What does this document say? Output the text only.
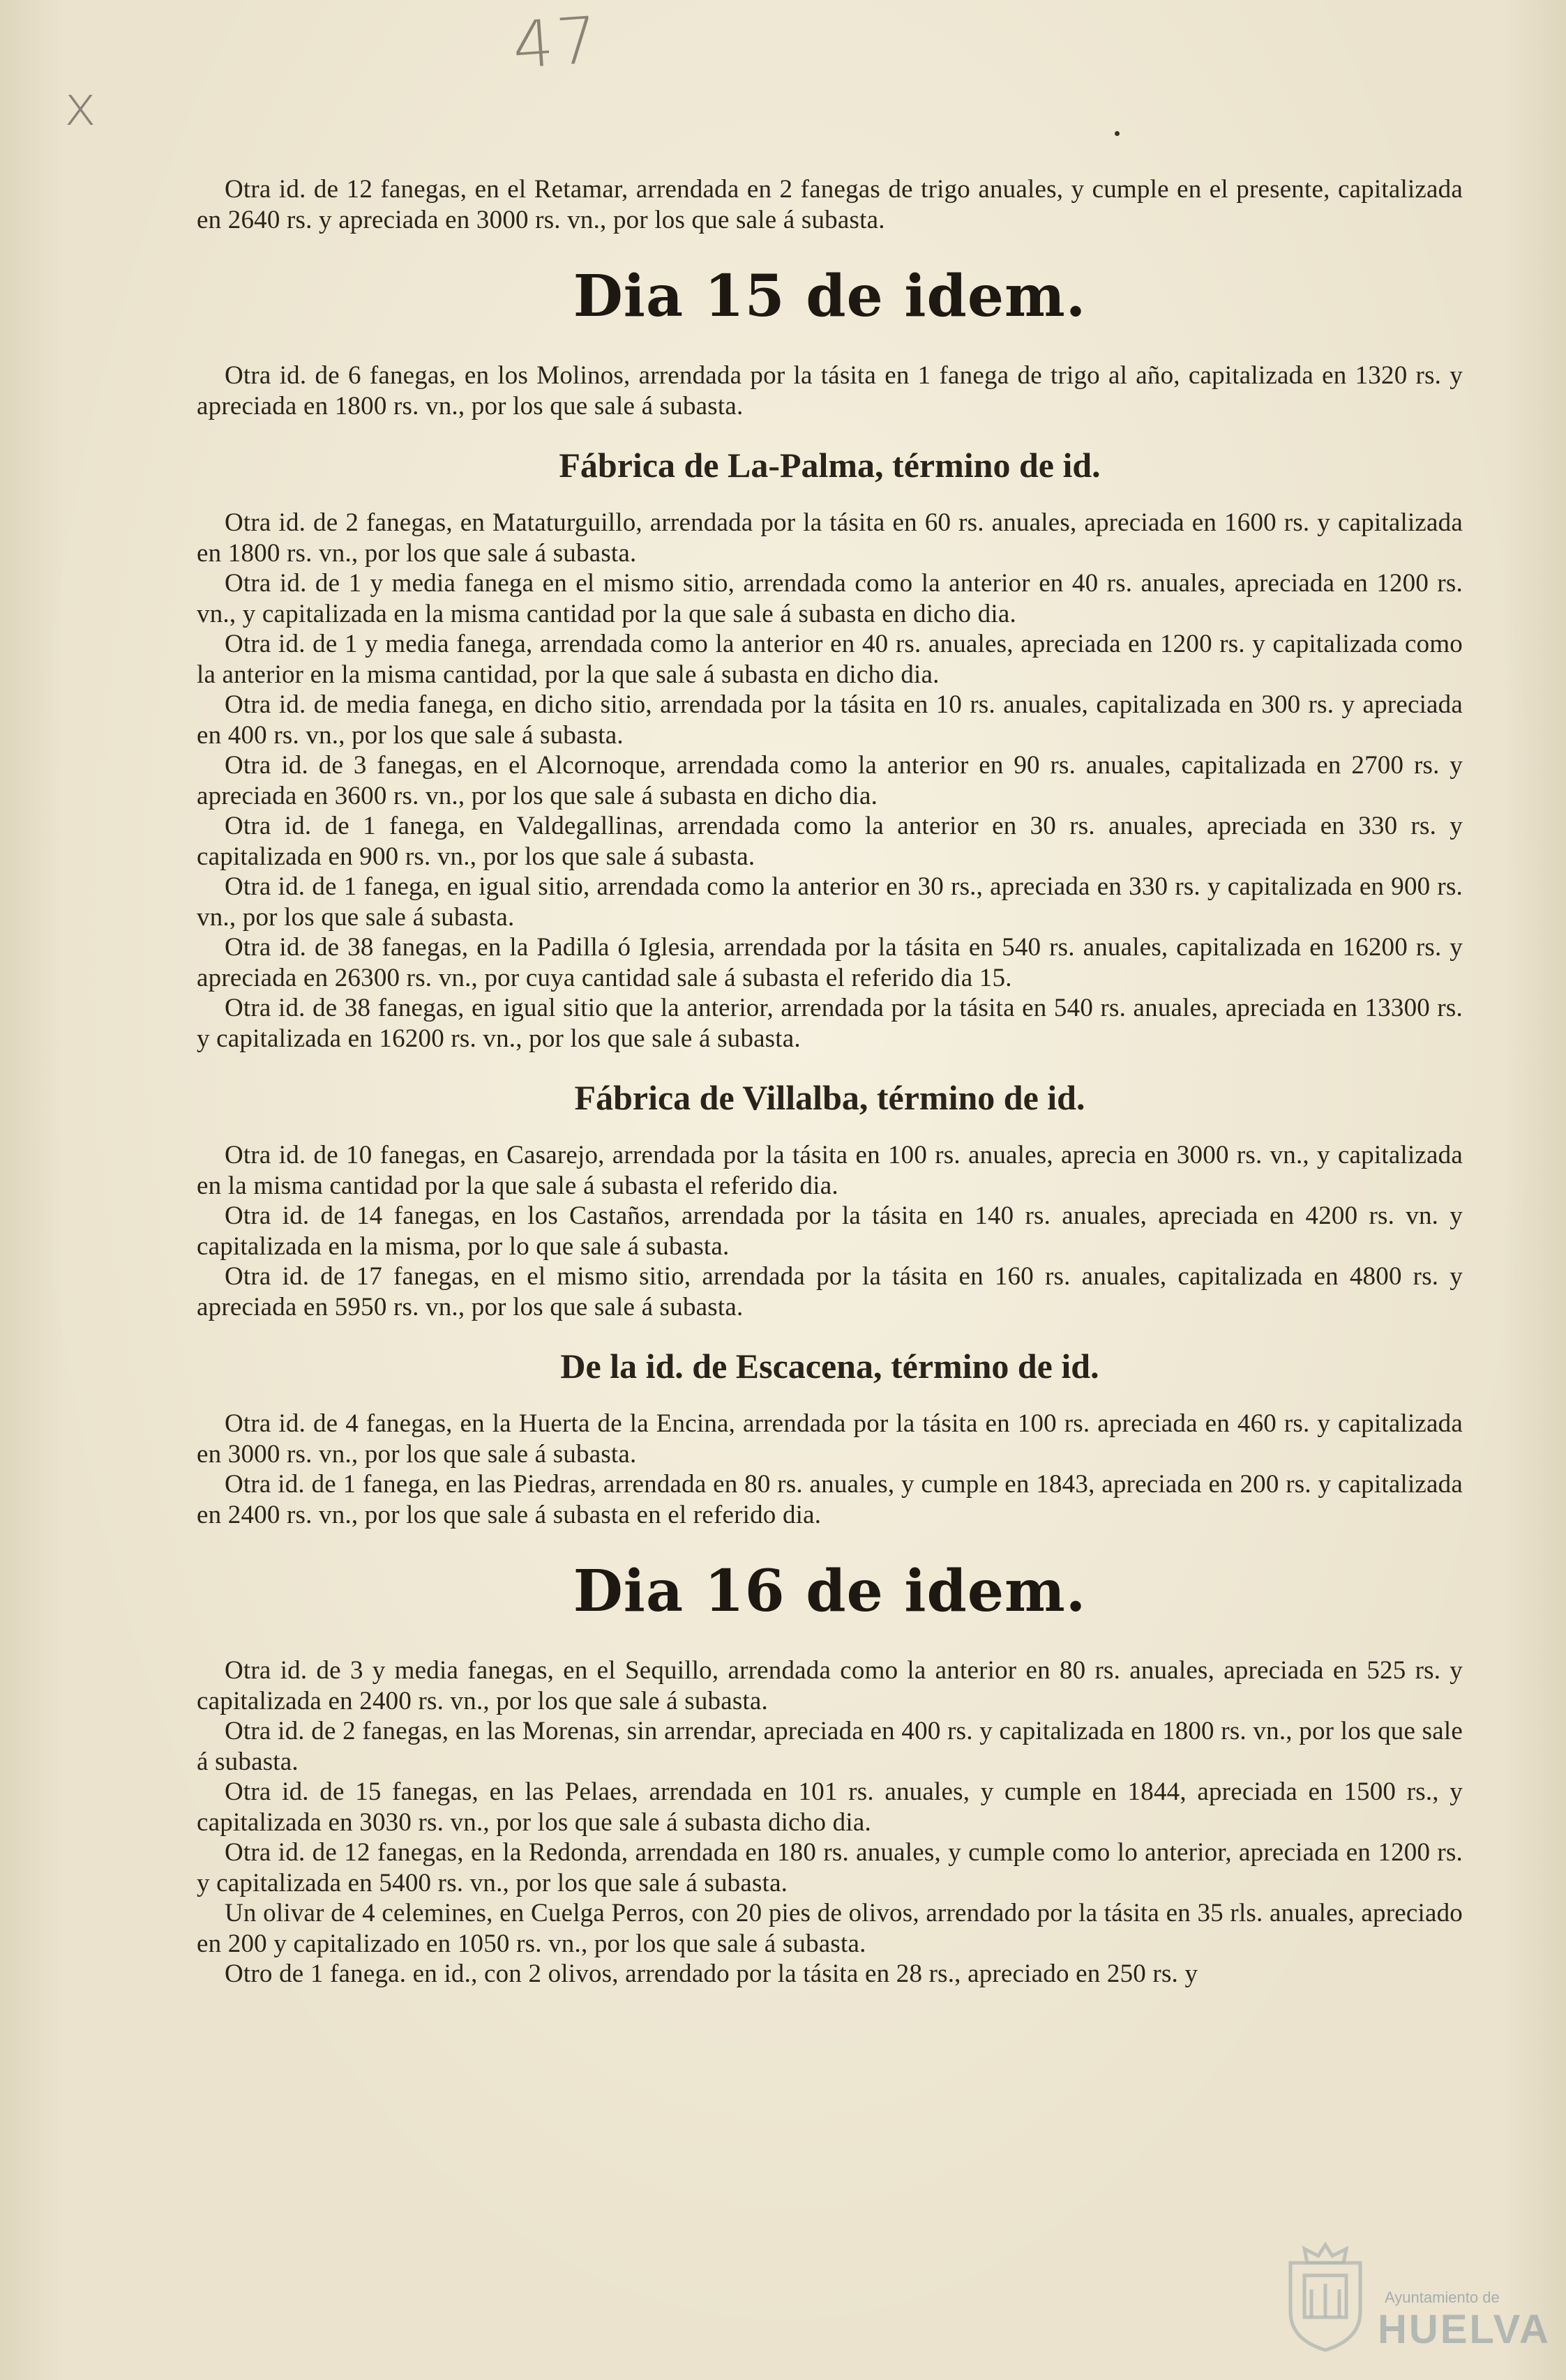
47
x

Otra id. de 12 fanegas, en el Retamar, arrendada en 2 fanegas de trigo anuales, y cumple en el presente, capitalizada en 2640 rs. y apreciada en 3000 rs. vn., por los que sale á subasta.

Dia 15 de idem.

Otra id. de 6 fanegas, en los Molinos, arrendada por la tásita en 1 fanega de trigo al año, capitalizada en 1320 rs. y apreciada en 1800 rs. vn., por los que sale á subasta.

Fábrica de La-Palma, término de id.

Otra id. de 2 fanegas, en Mataturguillo, arrendada por la tásita en 60 rs. anuales, apreciada en 1600 rs. y capitalizada en 1800 rs. vn., por los que sale á subasta.

Otra id. de 1 y media fanega en el mismo sitio, arrendada como la anterior en 40 rs. anuales, apreciada en 1200 rs. vn., y capitalizada en la misma cantidad por la que sale á subasta en dicho dia.

Otra id. de 1 y media fanega, arrendada como la anterior en 40 rs. anuales, apreciada en 1200 rs. y capitalizada como la anterior en la misma cantidad, por la que sale á subasta en dicho dia.

Otra id. de media fanega, en dicho sitio, arrendada por la tásita en 10 rs. anuales, capitalizada en 300 rs. y apreciada en 400 rs. vn., por los que sale á subasta.

Otra id. de 3 fanegas, en el Alcornoque, arrendada como la anterior en 90 rs. anuales, capitalizada en 2700 rs. y apreciada en 3600 rs. vn., por los que sale á subasta en dicho dia.

Otra id. de 1 fanega, en Valdegallinas, arrendada como la anterior en 30 rs. anuales, apreciada en 330 rs. y capitalizada en 900 rs. vn., por los que sale á subasta.

Otra id. de 1 fanega, en igual sitio, arrendada como la anterior en 30 rs., apreciada en 330 rs. y capitalizada en 900 rs. vn., por los que sale á subasta.

Otra id. de 38 fanegas, en la Padilla ó Iglesia, arrendada por la tásita en 540 rs. anuales, capitalizada en 16200 rs. y apreciada en 26300 rs. vn., por cuya cantidad sale á subasta el referido dia 15.

Otra id. de 38 fanegas, en igual sitio que la anterior, arrendada por la tásita en 540 rs. anuales, apreciada en 13300 rs. y capitalizada en 16200 rs. vn., por los que sale á subasta.

Fábrica de Villalba, término de id.

Otra id. de 10 fanegas, en Casarejo, arrendada por la tásita en 100 rs. anuales, aprecia en 3000 rs. vn., y capitalizada en la misma cantidad por la que sale á subasta el referido dia.

Otra id. de 14 fanegas, en los Castaños, arrendada por la tásita en 140 rs. anuales, apreciada en 4200 rs. vn. y capitalizada en la misma, por lo que sale á subasta.

Otra id. de 17 fanegas, en el mismo sitio, arrendada por la tásita en 160 rs. anuales, capitalizada en 4800 rs. y apreciada en 5950 rs. vn., por los que sale á subasta.

De la id. de Escacena, término de id.

Otra id. de 4 fanegas, en la Huerta de la Encina, arrendada por la tásita en 100 rs. apreciada en 460 rs. y capitalizada en 3000 rs. vn., por los que sale á subasta.

Otra id. de 1 fanega, en las Piedras, arrendada en 80 rs. anuales, y cumple en 1843, apreciada en 200 rs. y capitalizada en 2400 rs. vn., por los que sale á subasta en el referido dia.

Dia 16 de idem.

Otra id. de 3 y media fanegas, en el Sequillo, arrendada como la anterior en 80 rs. anuales, apreciada en 525 rs. y capitalizada en 2400 rs. vn., por los que sale á subasta.

Otra id. de 2 fanegas, en las Morenas, sin arrendar, apreciada en 400 rs. y capitalizada en 1800 rs. vn., por los que sale á subasta.

Otra id. de 15 fanegas, en las Pelaes, arrendada en 101 rs. anuales, y cumple en 1844, apreciada en 1500 rs., y capitalizada en 3030 rs. vn., por los que sale á subasta dicho dia.

Otra id. de 12 fanegas, en la Redonda, arrendada en 180 rs. anuales, y cumple como lo anterior, apreciada en 1200 rs. y capitalizada en 5400 rs. vn., por los que sale á subasta.

Un olivar de 4 celemines, en Cuelga Perros, con 20 pies de olivos, arrendado por la tásita en 35 rls. anuales, apreciado en 200 y capitalizado en 1050 rs. vn., por los que sale á subasta.

Otro de 1 fanega. en id., con 2 olivos, arrendado por la tásita en 28 rs., apreciado en 250 rs. y

Ayuntamiento de
HUELVA
